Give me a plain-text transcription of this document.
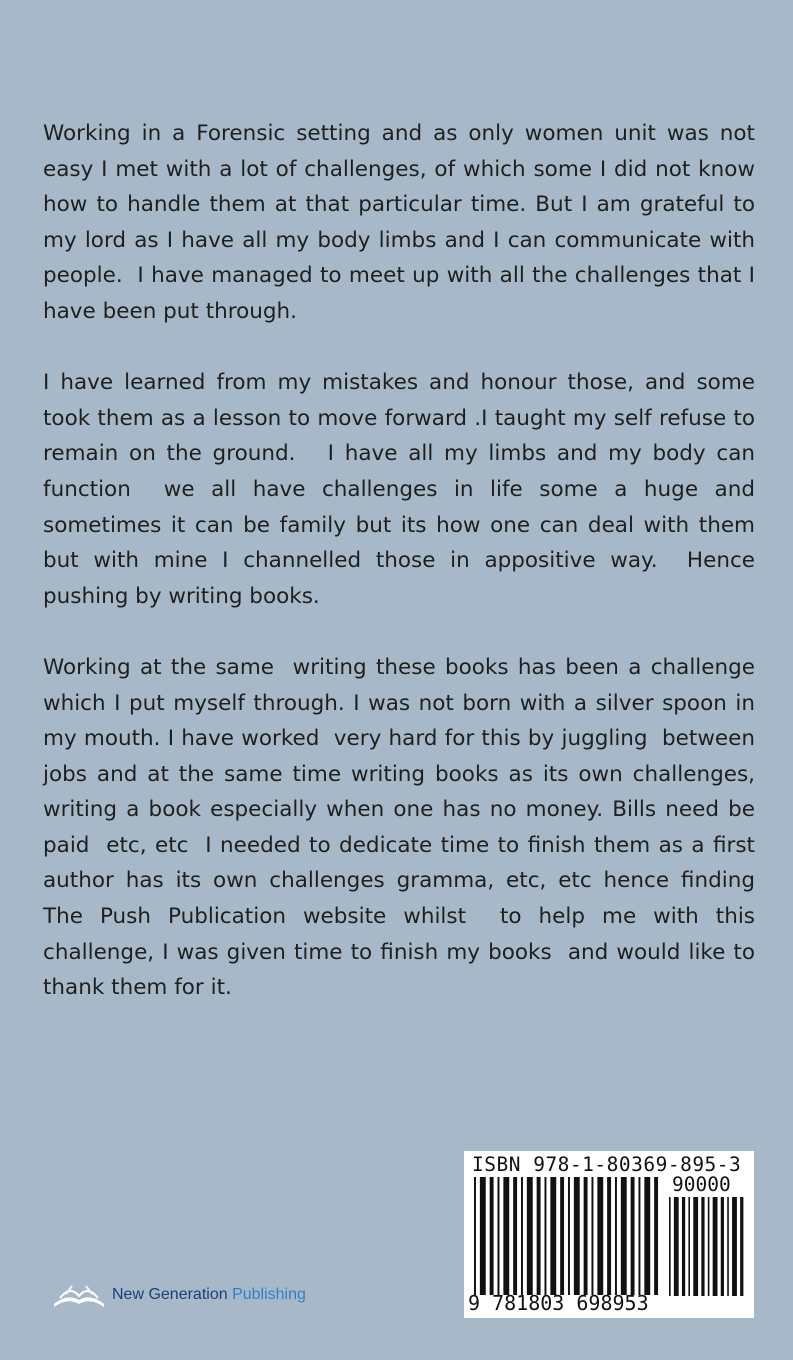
Working in a Forensic setting and as only women unit was not easy I met with a lot of challenges, of which some I did not know how to handle them at that particular time. But I am grateful to my lord as I have all my body limbs and I can communicate with people.  I have managed to meet up with all the challenges that I have been put through.

I have learned from my mistakes and honour those, and some took them as a lesson to move forward .I taught my self refuse to remain on the ground.   I have all my limbs and my body can function  we all have challenges in life some a huge and sometimes it can be family but its how one can deal with them but with mine I channelled those in appositive way.  Hence pushing by writing books.

Working at the same  writing these books has been a challenge which I put myself through. I was not born with a silver spoon in my mouth. I have worked  very hard for this by juggling  between jobs and at the same time writing books as its own challenges, writing a book especially when one has no money. Bills need be paid  etc, etc  I needed to dedicate time to finish them as a first author has its own challenges gramma, etc, etc hence finding The Push Publication website whilst  to help me with this challenge, I was given time to finish my books  and would like to thank them for it.

ISBN 978-1-80369-895-3
90000
9 781803 698953
New Generation Publishing
